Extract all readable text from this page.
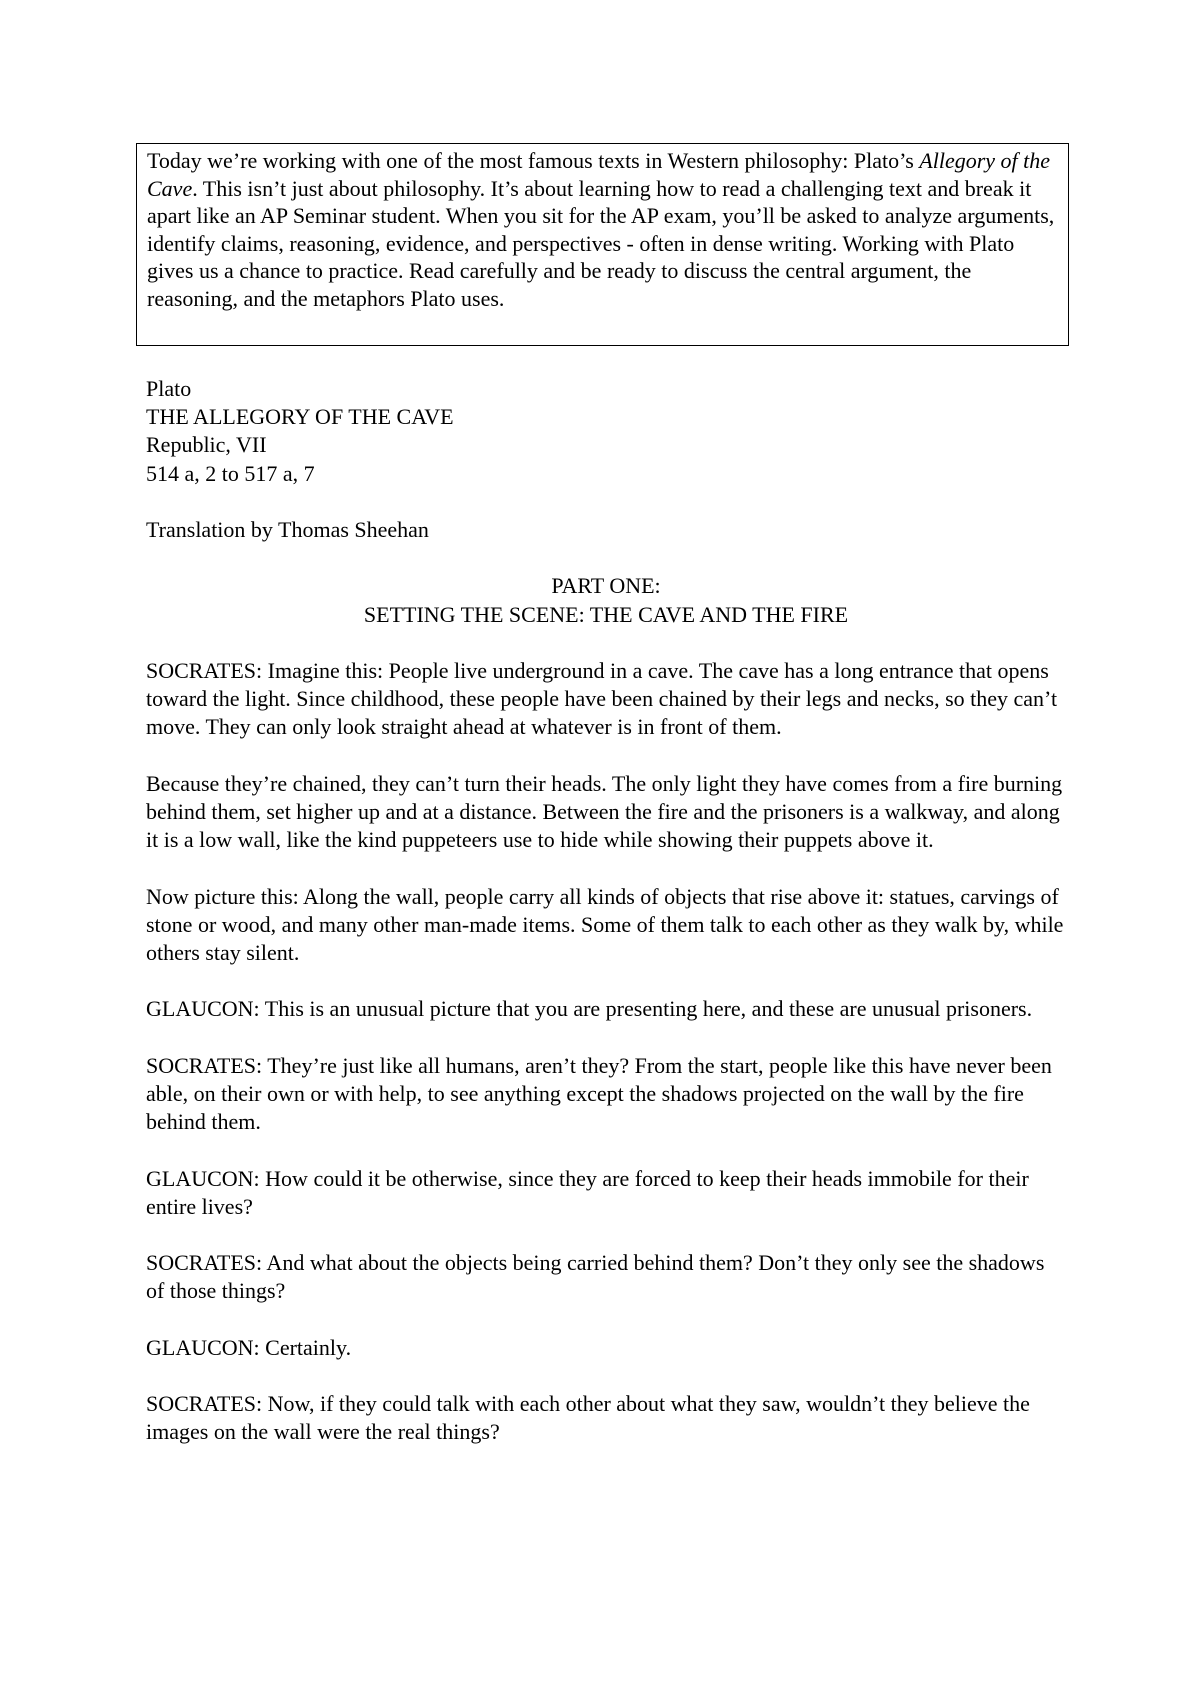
Today we’re working with one of the most famous texts in Western philosophy: Plato’s Allegory of the Cave. This isn’t just about philosophy. It’s about learning how to read a challenging text and break it apart like an AP Seminar student. When you sit for the AP exam, you’ll be asked to analyze arguments, identify claims, reasoning, evidence, and perspectives - often in dense writing. Working with Plato gives us a chance to practice. Read carefully and be ready to discuss the central argument, the reasoning, and the metaphors Plato uses.

Plato

THE ALLEGORY OF THE CAVE

Republic, VII

514 a, 2 to 517 a, 7

Translation by Thomas Sheehan

PART ONE:

SETTING THE SCENE: THE CAVE AND THE FIRE

SOCRATES: Imagine this: People live underground in a cave. The cave has a long entrance that opens toward the light. Since childhood, these people have been chained by their legs and necks, so they can’t move. They can only look straight ahead at whatever is in front of them.

Because they’re chained, they can’t turn their heads. The only light they have comes from a fire burning behind them, set higher up and at a distance. Between the fire and the prisoners is a walkway, and along it is a low wall, like the kind puppeteers use to hide while showing their puppets above it.

Now picture this: Along the wall, people carry all kinds of objects that rise above it: statues, carvings of stone or wood, and many other man-made items. Some of them talk to each other as they walk by, while others stay silent.

GLAUCON: This is an unusual picture that you are presenting here, and these are unusual prisoners.

SOCRATES: They’re just like all humans, aren’t they? From the start, people like this have never been able, on their own or with help, to see anything except the shadows projected on the wall by the fire behind them.

GLAUCON: How could it be otherwise, since they are forced to keep their heads immobile for their entire lives?

SOCRATES: And what about the objects being carried behind them? Don’t they only see the shadows of those things?

GLAUCON: Certainly.

SOCRATES: Now, if they could talk with each other about what they saw, wouldn’t they believe the images on the wall were the real things?
